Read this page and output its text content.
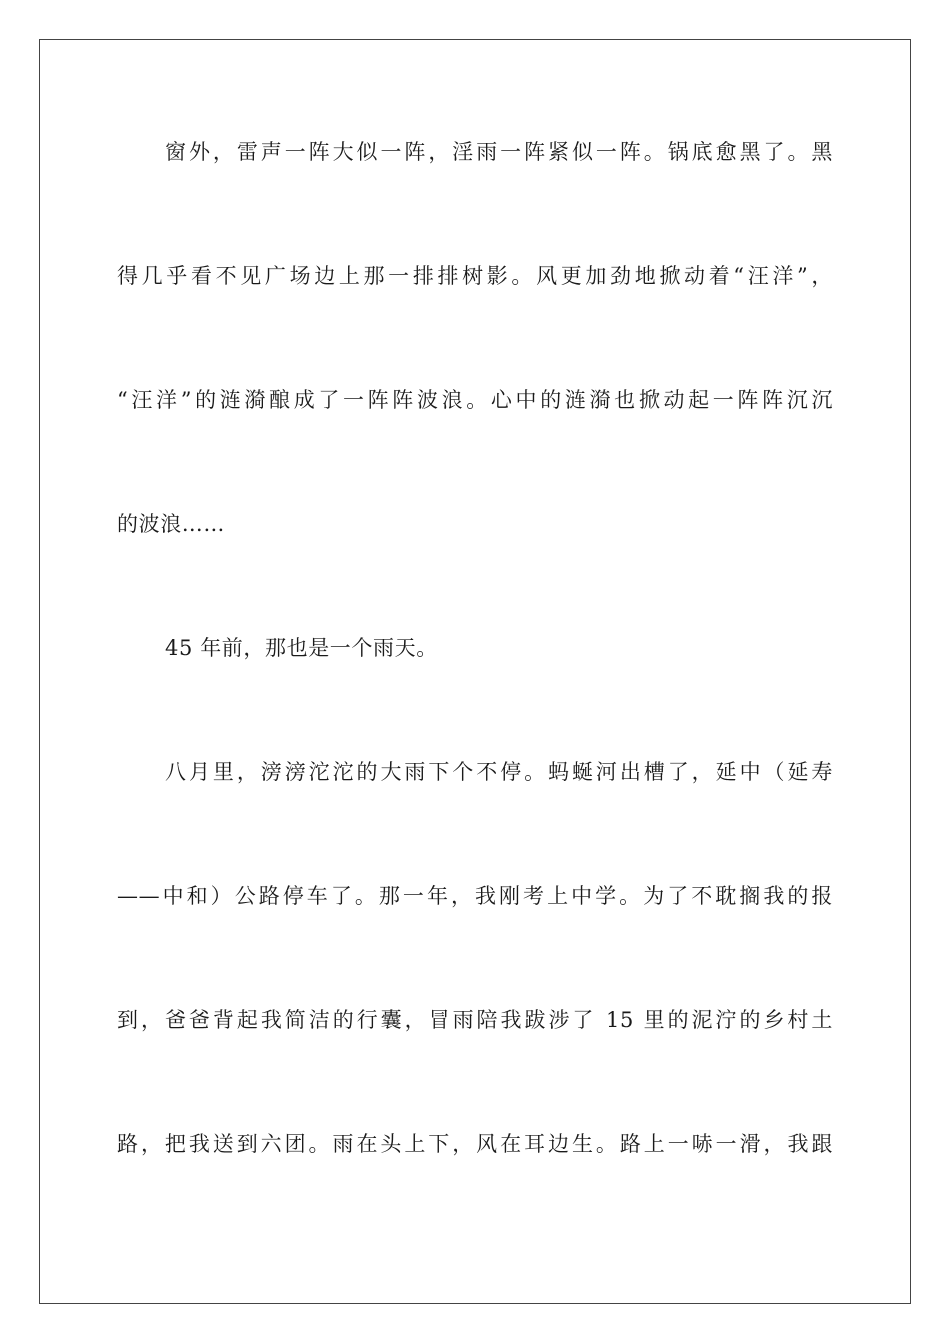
窗外，雷声一阵大似一阵，淫雨一阵紧似一阵。锅底愈黑了。黑
得几乎看不见广场边上那一排排树影。风更加劲地掀动着“汪洋”，
“汪洋”的涟漪酿成了一阵阵波浪。心中的涟漪也掀动起一阵阵沉沉
的波浪……
45 年前，那也是一个雨天。
八月里，滂滂沱沱的大雨下个不停。蚂蜒河出槽了，延中（延寿
——中和）公路停车了。那一年，我刚考上中学。为了不耽搁我的报
到，爸爸背起我简洁的行囊，冒雨陪我跋涉了 15 里的泥泞的乡村土
路，把我送到六团。雨在头上下，风在耳边生。路上一哧一滑，我跟
